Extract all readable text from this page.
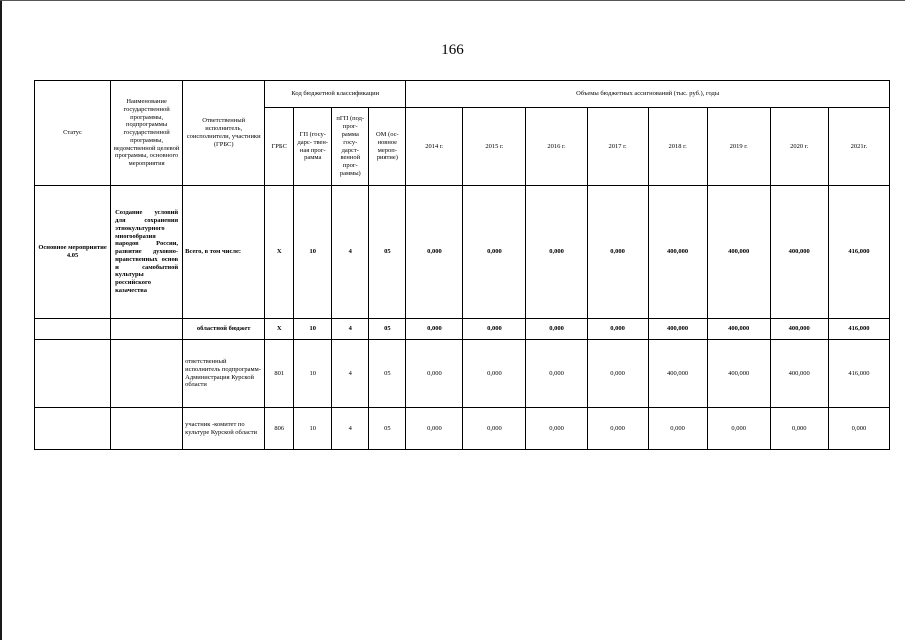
166
Статус	Наименование государственной программы, подпрограммы государственной программы, ведомственной целевой программы, основного мероприятия	Ответственный исполнитель, соисполнители, участники (ГРБС)	Код бюджетной классификации				Объемы бюджетных ассигнований (тыс. руб.), годы							
			ГРБС	ГП (госу- дарс- твен- ная прог- рамма	пГП (под- прог- рамма госу- дарст- венной прог- раммы)	ОМ (ос- новное мероп- риятие)	2014 г.	2015 г.	2016 г.	2017 г.	2018 г.	2019 г.	2020 г.	2021г.
Основное мероприятие 4.05	Создание условий для сохранения этнокультурного многообразия народов России, развитие духовно-нравственных основ и самобытной культуры российского казачества	Всего, в том числе:	Х	10	4	05	0,000	0,000	0,000	0,000	400,000	400,000	400,000	416,000
		областной бюджет	Х	10	4	05	0,000	0,000	0,000	0,000	400,000	400,000	400,000	416,000
		ответственный исполнитель подпрограмм- Администрация Курской области	801	10	4	05	0,000	0,000	0,000	0,000	400,000	400,000	400,000	416,000
		участник -комитет по культуре Курской области	806	10	4	05	0,000	0,000	0,000	0,000	0,000	0,000	0,000	0,000
